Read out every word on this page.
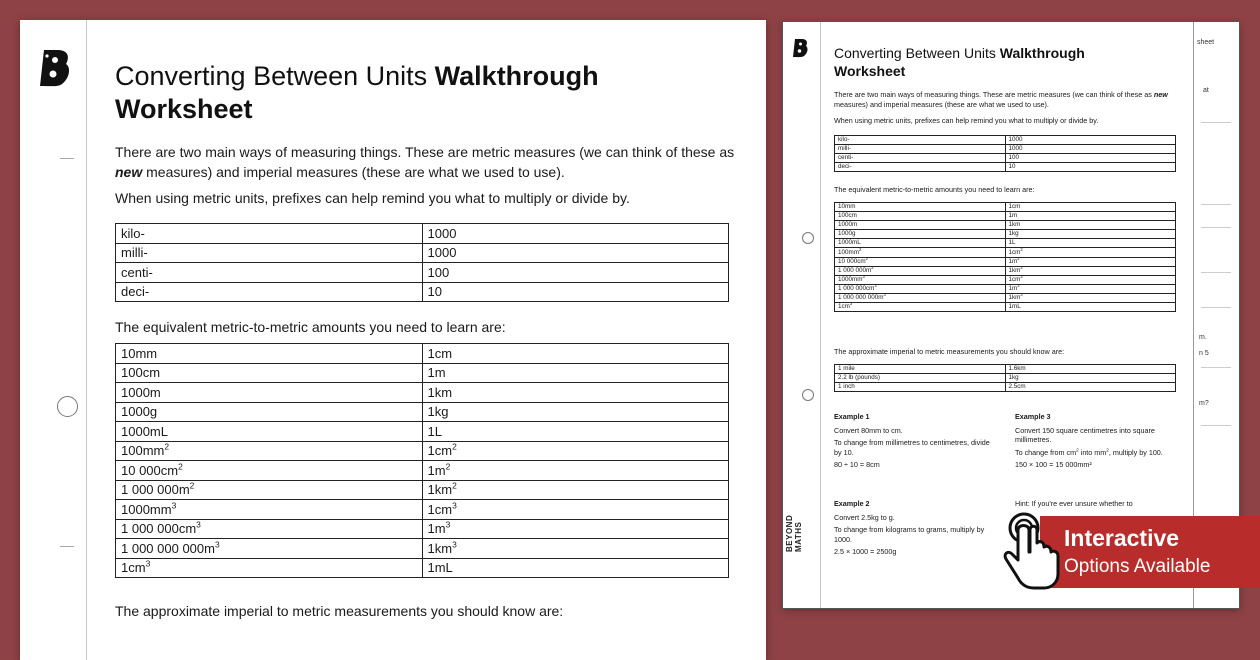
Converting Between Units Walkthrough Worksheet

There are two main ways of measuring things. These are metric measures (we can think of these as new measures) and imperial measures (these are what we used to use).

When using metric units, prefixes can help remind you what to multiply or divide by.

kilo-	1000
milli-	1000
centi-	100
deci-	10

The equivalent metric-to-metric amounts you need to learn are:

10mm	1cm
100cm	1m
1000m	1km
1000g	1kg
1000mL	1L
$100mm^2$	$1cm^2$
10 $000cm^2$	$1m^2$
1 000 $000m^2$	$1km^2$
$1000mm^3$	$1cm^3$
1 000 $000cm^3$	$1m^3$
1 000 000 $000m^3$	$1km^3$
$1cm^3$	1mL

The approximate imperial to metric measurements you should know are:

sheet
at
m.
n 5
m?
Converting Between Units Walkthrough Worksheet

There are two main ways of measuring things. These are metric measures (we can think of these as new measures) and imperial measures (these are what we used to use).

When using metric units, prefixes can help remind you what to multiply or divide by.

kilo-	1000
milli-	1000
centi-	100
deci-	10

The equivalent metric-to-metric amounts you need to learn are:

10mm	1cm
100cm	1m
1000m	1km
1000g	1kg
1000mL	1L
$100mm^2$	$1cm^2$
10 $000cm^2$	$1m^2$
1 000 $000m^2$	$1km^2$
$1000mm^3$	$1cm^3$
1 000 $000cm^3$	$1m^3$
1 000 000 $000m^3$	$1km^3$
$1cm^3$	1mL

The approximate imperial to metric measurements you should know are:

1 mile	1.6km
2.2 lb (pounds)	1kg
1 inch	2.5cm
Example 1
Convert 80mm to cm.
To change from millimetres to centimetres, divide by 10.
80 ÷ 10 = 8cm
Example 3
Convert 150 square centimetres into square millimetres.
To change from $cm^2$ into $mm^2$, multiply by 100.
150 × 100 = 15 000mm²
Example 2
Convert 2.5kg to g.
To change from kilograms to grams, multiply by 1000.
2.5 × 1000 = 2500g
Hint: If you're ever unsure whether to
BEYOND MATHS	Interactive
Options Available
